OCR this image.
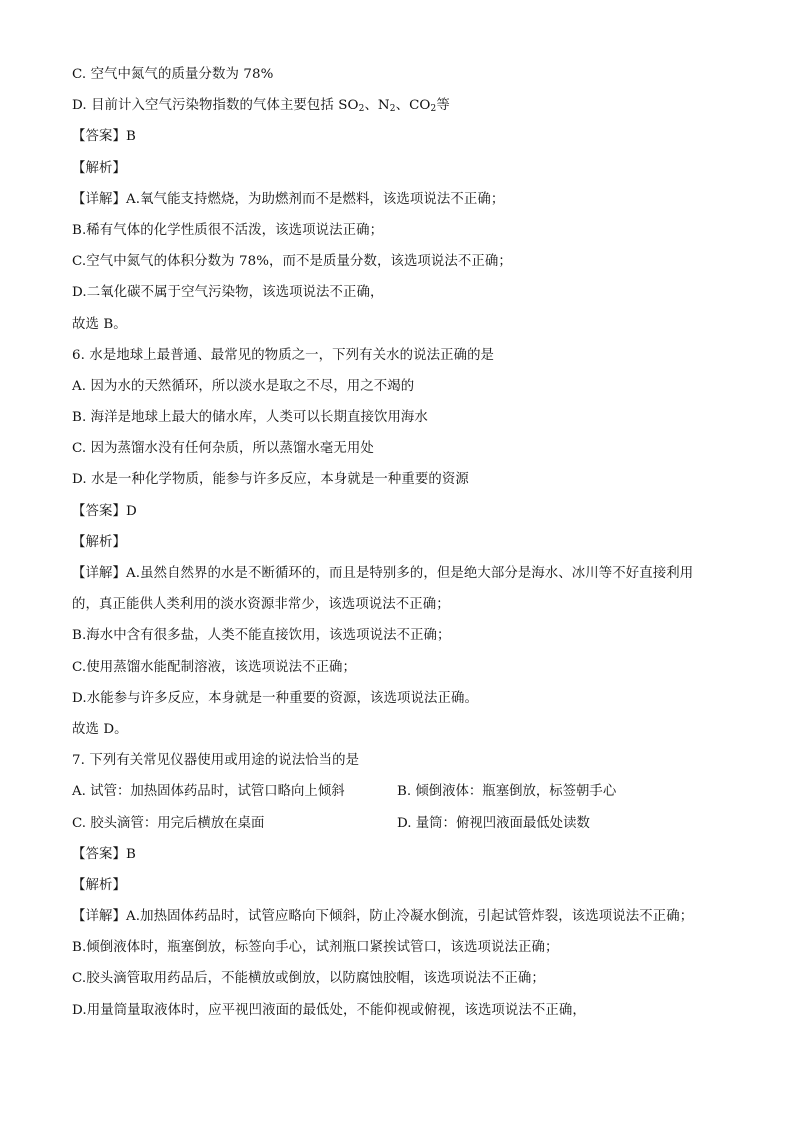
C. 空气中氮气的质量分数为 78%
D. 目前计入空气污染物指数的气体主要包括 $SO_2$、$N_2$、$CO_2$等
【答案】B
【解析】
【详解】A.氧气能支持燃烧，为助燃剂而不是燃料，该选项说法不正确；
B.稀有气体的化学性质很不活泼，该选项说法正确；
C.空气中氮气的体积分数为 78%，而不是质量分数，该选项说法不正确；
D.二氧化碳不属于空气污染物，该选项说法不正确，
故选 B。
6. 水是地球上最普通、最常见的物质之一，下列有关水的说法正确的是
A. 因为水的天然循环，所以淡水是取之不尽，用之不竭的
B. 海洋是地球上最大的储水库，人类可以长期直接饮用海水
C. 因为蒸馏水没有任何杂质，所以蒸馏水毫无用处
D. 水是一种化学物质，能参与许多反应，本身就是一种重要的资源
【答案】D
【解析】
【详解】A.虽然自然界的水是不断循环的，而且是特别多的，但是绝大部分是海水、冰川等不好直接利用
的，真正能供人类利用的淡水资源非常少，该选项说法不正确；
B.海水中含有很多盐，人类不能直接饮用，该选项说法不正确；
C.使用蒸馏水能配制溶液，该选项说法不正确；
D.水能参与许多反应，本身就是一种重要的资源，该选项说法正确。
故选 D。
7. 下列有关常见仪器使用或用途的说法恰当的是
A. 试管：加热固体药品时，试管口略向上倾斜	B. 倾倒液体：瓶塞倒放，标签朝手心
C. 胶头滴管：用完后横放在桌面	D. 量筒：俯视凹液面最低处读数
【答案】B
【解析】
【详解】A.加热固体药品时，试管应略向下倾斜，防止冷凝水倒流，引起试管炸裂，该选项说法不正确；
B.倾倒液体时，瓶塞倒放，标签向手心，试剂瓶口紧挨试管口，该选项说法正确；
C.胶头滴管取用药品后，不能横放或倒放，以防腐蚀胶帽，该选项说法不正确；
D.用量筒量取液体时，应平视凹液面的最低处，不能仰视或俯视，该选项说法不正确，
